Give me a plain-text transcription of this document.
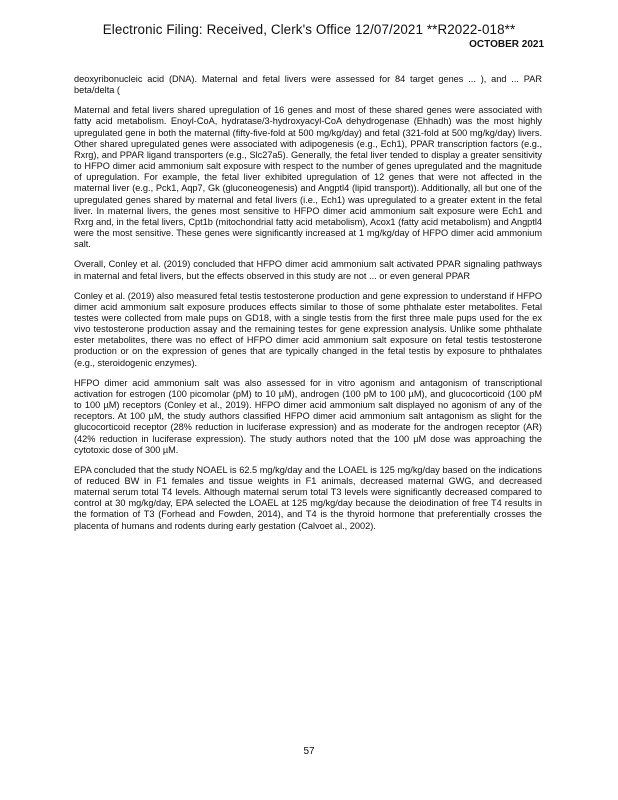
Electronic Filing: Received, Clerk's Office 12/07/2021 **R2022-018**
OCTOBER 2021

deoxyribonucleic acid (DNA). Maternal and fetal livers were assessed for 84 target genes ... ), and ... PAR beta/delta (

Maternal and fetal livers shared upregulation of 16 genes and most of these shared genes were associated with fatty acid metabolism. Enoyl-CoA, hydratase/3-hydroxyacyl-CoA dehydrogenase (Ehhadh) was the most highly upregulated gene in both the maternal (fifty-five-fold at 500 mg/kg/day) and fetal (321-fold at 500 mg/kg/day) livers. Other shared upregulated genes were associated with adipogenesis (e.g., Ech1), PPAR transcription factors (e.g., Rxrg), and PPAR ligand transporters (e.g., Slc27a5). Generally, the fetal liver tended to display a greater sensitivity to HFPO dimer acid ammonium salt exposure with respect to the number of genes upregulated and the magnitude of upregulation. For example, the fetal liver exhibited upregulation of 12 genes that were not affected in the maternal liver (e.g., Pck1, Aqp7, Gk (gluconeogenesis) and Angptl4 (lipid transport)). Additionally, all but one of the upregulated genes shared by maternal and fetal livers (i.e., Ech1) was upregulated to a greater extent in the fetal liver. In maternal livers, the genes most sensitive to HFPO dimer acid ammonium salt exposure were Ech1 and Rxrg and, in the fetal livers, Cpt1b (mitochondrial fatty acid metabolism), Acox1 (fatty acid metabolism) and Angptl4 were the most sensitive. These genes were significantly increased at 1 mg/kg/day of HFPO dimer acid ammonium salt.

Overall, Conley et al. (2019) concluded that HFPO dimer acid ammonium salt activated PPAR signaling pathways in maternal and fetal livers, but the effects observed in this study are not ... or even general PPAR

Conley et al. (2019) also measured fetal testis testosterone production and gene expression to understand if HFPO dimer acid ammonium salt exposure produces effects similar to those of some phthalate ester metabolites. Fetal testes were collected from male pups on GD18, with a single testis from the first three male pups used for the ex vivo testosterone production assay and the remaining testes for gene expression analysis. Unlike some phthalate ester metabolites, there was no effect of HFPO dimer acid ammonium salt exposure on fetal testis testosterone production or on the expression of genes that are typically changed in the fetal testis by exposure to phthalates (e.g., steroidogenic enzymes).

HFPO dimer acid ammonium salt was also assessed for in vitro agonism and antagonism of transcriptional activation for estrogen (100 picomolar (pM) to 10 µM), androgen (100 pM to 100 µM), and glucocorticoid (100 pM to 100 µM) receptors (Conley et al., 2019). HFPO dimer acid ammonium salt displayed no agonism of any of the receptors. At 100 µM, the study authors classified HFPO dimer acid ammonium salt antagonism as slight for the glucocorticoid receptor (28% reduction in luciferase expression) and as moderate for the androgen receptor (AR) (42% reduction in luciferase expression). The study authors noted that the 100 µM dose was approaching the cytotoxic dose of 300 µM.

EPA concluded that the study NOAEL is 62.5 mg/kg/day and the LOAEL is 125 mg/kg/day based on the indications of reduced BW in F1 females and tissue weights in F1 animals, decreased maternal GWG, and decreased maternal serum total T4 levels. Although maternal serum total T3 levels were significantly decreased compared to control at 30 mg/kg/day, EPA selected the LOAEL at 125 mg/kg/day because the deiodination of free T4 results in the formation of T3 (Forhead and Fowden, 2014), and T4 is the thyroid hormone that preferentially crosses the placenta of humans and rodents during early gestation (Calvoet al., 2002).

57
